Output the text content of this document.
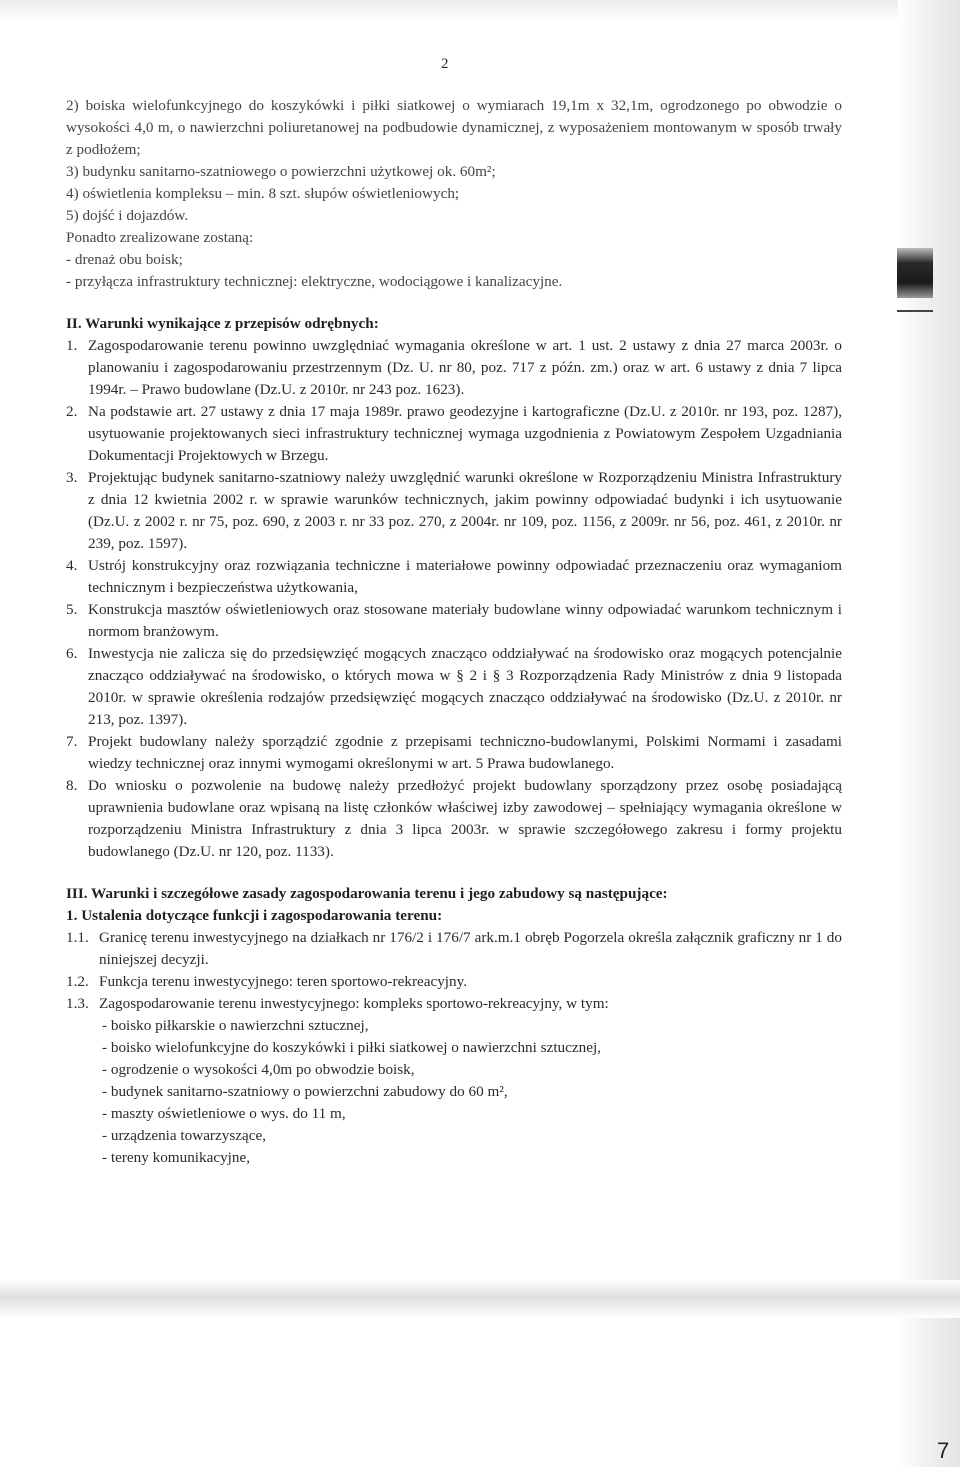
2

2) boiska wielofunkcyjnego do koszykówki i piłki siatkowej o wymiarach 19,1m x 32,1m, ogrodzonego po obwodzie o wysokości 4,0 m, o nawierzchni poliuretanowej na podbudowie dynamicznej, z wyposażeniem montowanym w sposób trwały z podłożem;

3) budynku sanitarno-szatniowego o powierzchni użytkowej ok. 60m²;

4) oświetlenia kompleksu – min. 8 szt. słupów oświetleniowych;

5) dojść i dojazdów.

Ponadto zrealizowane zostaną:

- drenaż obu boisk;

- przyłącza infrastruktury technicznej: elektryczne, wodociągowe i kanalizacyjne.

II. Warunki wynikające z przepisów odrębnych:

1. Zagospodarowanie terenu powinno uwzględniać wymagania określone w art. 1 ust. 2 ustawy z dnia 27 marca 2003r. o planowaniu i zagospodarowaniu przestrzennym (Dz. U. nr 80, poz. 717 z późn. zm.) oraz w art. 6 ustawy z dnia 7 lipca 1994r. – Prawo budowlane (Dz.U. z 2010r. nr 243 poz. 1623).
2. Na podstawie art. 27 ustawy z dnia 17 maja 1989r. prawo geodezyjne i kartograficzne (Dz.U. z 2010r. nr 193, poz. 1287), usytuowanie projektowanych sieci infrastruktury technicznej wymaga uzgodnienia z Powiatowym Zespołem Uzgadniania Dokumentacji Projektowych w Brzegu.
3. Projektując budynek sanitarno-szatniowy należy uwzględnić warunki określone w Rozporządzeniu Ministra Infrastruktury z dnia 12 kwietnia 2002 r. w sprawie warunków technicznych, jakim powinny odpowiadać budynki i ich usytuowanie (Dz.U. z 2002 r. nr 75, poz. 690, z 2003 r. nr 33 poz. 270, z 2004r. nr 109, poz. 1156, z 2009r. nr 56, poz. 461, z 2010r. nr 239, poz. 1597).
4. Ustrój konstrukcyjny oraz rozwiązania techniczne i materiałowe powinny odpowiadać przeznaczeniu oraz wymaganiom technicznym i bezpieczeństwa użytkowania,
5. Konstrukcja masztów oświetleniowych oraz stosowane materiały budowlane winny odpowiadać warunkom technicznym i normom branżowym.
6. Inwestycja nie zalicza się do przedsięwzięć mogących znacząco oddziaływać na środowisko oraz mogących potencjalnie znacząco oddziaływać na środowisko, o których mowa w § 2 i § 3 Rozporządzenia Rady Ministrów z dnia 9 listopada 2010r. w sprawie określenia rodzajów przedsięwzięć mogących znacząco oddziaływać na środowisko (Dz.U. z 2010r. nr 213, poz. 1397).
7. Projekt budowlany należy sporządzić zgodnie z przepisami techniczno-budowlanymi, Polskimi Normami i zasadami wiedzy technicznej oraz innymi wymogami określonymi w art. 5 Prawa budowlanego.
8. Do wniosku o pozwolenie na budowę należy przedłożyć projekt budowlany sporządzony przez osobę posiadającą uprawnienia budowlane oraz wpisaną na listę członków właściwej izby zawodowej – spełniający wymagania określone w rozporządzeniu Ministra Infrastruktury z dnia 3 lipca 2003r. w sprawie szczegółowego zakresu i formy projektu budowlanego (Dz.U. nr 120, poz. 1133).

III. Warunki i szczegółowe zasady zagospodarowania terenu i jego zabudowy są następujące:

1. Ustalenia dotyczące funkcji i zagospodarowania terenu:

1.1. Granicę terenu inwestycyjnego na działkach nr 176/2 i 176/7 ark.m.1 obręb Pogorzela określa załącznik graficzny nr 1 do niniejszej decyzji.
1.2. Funkcja terenu inwestycyjnego: teren sportowo-rekreacyjny.
1.3. Zagospodarowanie terenu inwestycyjnego: kompleks sportowo-rekreacyjny, w tym:

- boisko piłkarskie o nawierzchni sztucznej,

- boisko wielofunkcyjne do koszykówki i piłki siatkowej o nawierzchni sztucznej,

- ogrodzenie o wysokości 4,0m po obwodzie boisk,

- budynek sanitarno-szatniowy o powierzchni zabudowy do 60 m²,

- maszty oświetleniowe o wys. do 11 m,

- urządzenia towarzyszące,

- tereny komunikacyjne,

7
